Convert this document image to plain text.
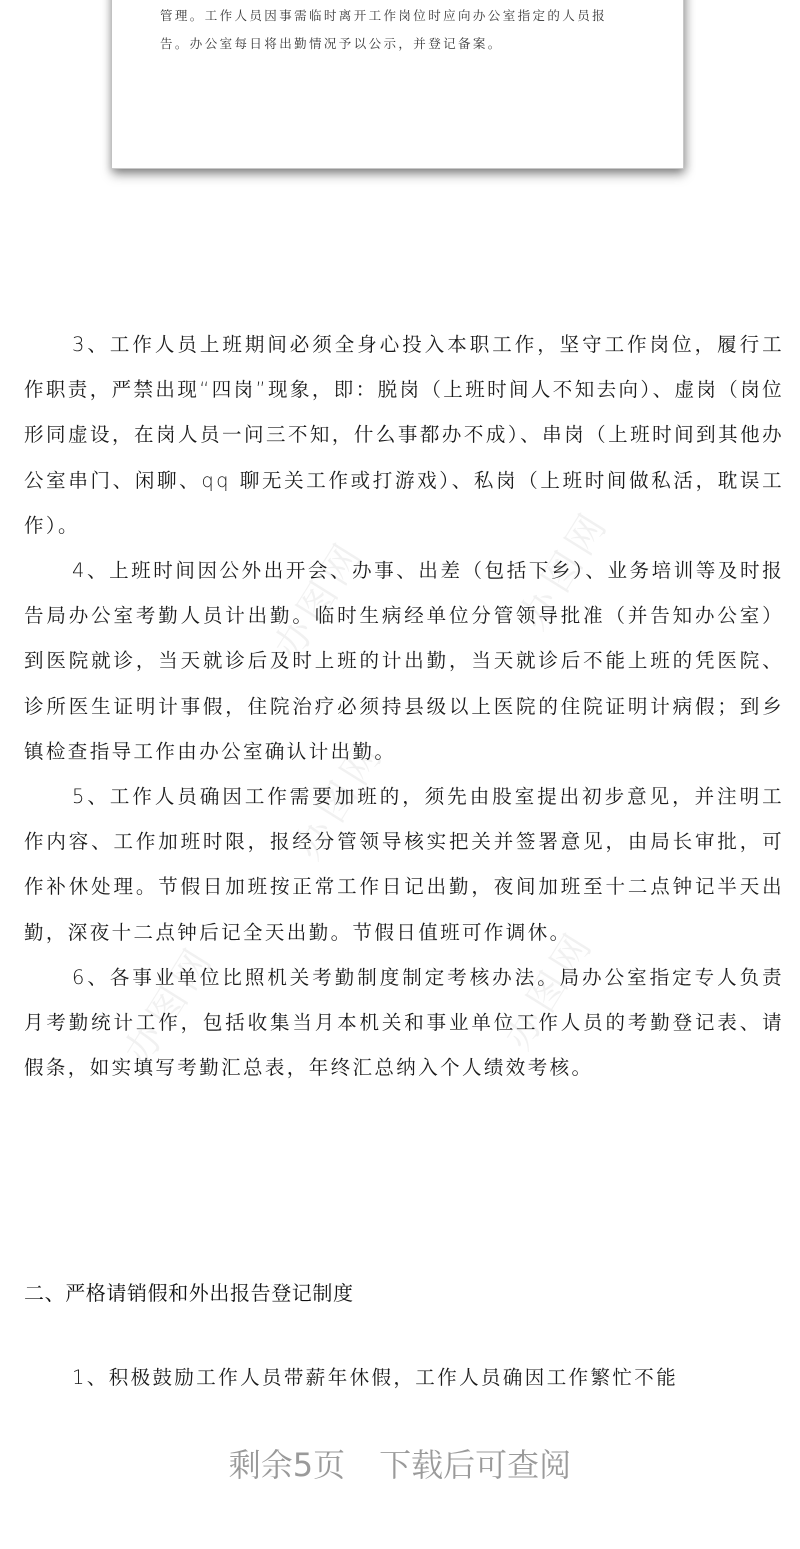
管理。工作人员因事需临时离开工作岗位时应向办公室指定的人员报

告。办公室每日将出勤情况予以公示，并登记备案。

办图网
办图网
办图网
办图网	办图网

3、工作人员上班期间必须全身心投入本职工作，坚守工作岗位，履行工作职责，严禁出现“四岗”现象，即：脱岗（上班时间人不知去向）、虚岗（岗位形同虚设，在岗人员一问三不知，什么事都办不成）、串岗（上班时间到其他办公室串门、闲聊、qq 聊无关工作或打游戏）、私岗（上班时间做私活，耽误工作）。

4、上班时间因公外出开会、办事、出差（包括下乡）、业务培训等及时报告局办公室考勤人员计出勤。临时生病经单位分管领导批准（并告知办公室）到医院就诊，当天就诊后及时上班的计出勤，当天就诊后不能上班的凭医院、诊所医生证明计事假，住院治疗必须持县级以上医院的住院证明计病假；到乡镇检查指导工作由办公室确认计出勤。

5、工作人员确因工作需要加班的，须先由股室提出初步意见，并注明工作内容、工作加班时限，报经分管领导核实把关并签署意见，由局长审批，可作补休处理。节假日加班按正常工作日记出勤，夜间加班至十二点钟记半天出勤，深夜十二点钟后记全天出勤。节假日值班可作调休。

6、各事业单位比照机关考勤制度制定考核办法。局办公室指定专人负责月考勤统计工作，包括收集当月本机关和事业单位工作人员的考勤登记表、请假条，如实填写考勤汇总表，年终汇总纳入个人绩效考核。

二、严格请销假和外出报告登记制度

1、积极鼓励工作人员带薪年休假，工作人员确因工作繁忙不能

剩余5页 下载后可查阅
